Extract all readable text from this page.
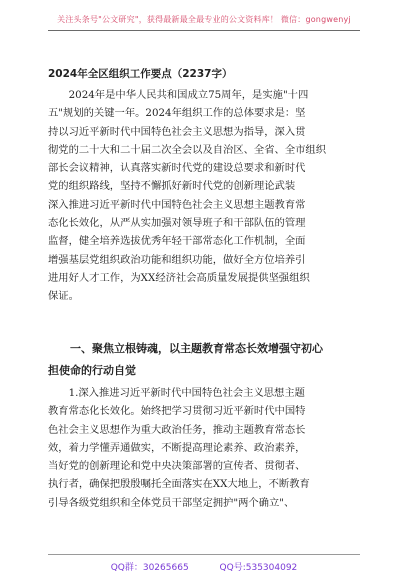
关注头条号"公文研究"，获得最新最全最专业的公文资料库！ 微信：gongwenyj
2024年全区组织工作要点（2237字）
　　2024年是中华人民共和国成立75周年，是实施"十四
五"规划的关键一年。2024年组织工作的总体要求是：坚
持以习近平新时代中国特色社会主义思想为指导，深入贯
彻党的二十大和二十届二次全会以及自治区、全省、全市组织
部长会议精神，认真落实新时代党的建设总要求和新时代
党的组织路线，坚持不懈抓好新时代党的创新理论武装
深入推进习近平新时代中国特色社会主义思想主题教育常
态化长效化，从严从实加强对领导班子和干部队伍的管理
监督，健全培养选拔优秀年轻干部常态化工作机制，全面
增强基层党组织政治功能和组织功能，做好全方位培养引
进用好人才工作，为XX经济社会高质量发展提供坚强组织
保证。
　　一、聚焦立根铸魂，以主题教育常态长效增强守初心
担使命的行动自觉
　　1.深入推进习近平新时代中国特色社会主义思想主题
教育常态化长效化。始终把学习贯彻习近平新时代中国特
色社会主义思想作为重大政治任务，推动主题教育常态长
效，着力学懂弄通做实，不断提高理论素养、政治素养，
当好党的创新理论和党中央决策部署的宣传者、贯彻者、
执行者，确保把殷殷嘱托全面落实在XX大地上，不断教育
引导各级党组织和全体党员干部坚定拥护"两个确立"、
QQ群：30265665	QQ号:535304092
